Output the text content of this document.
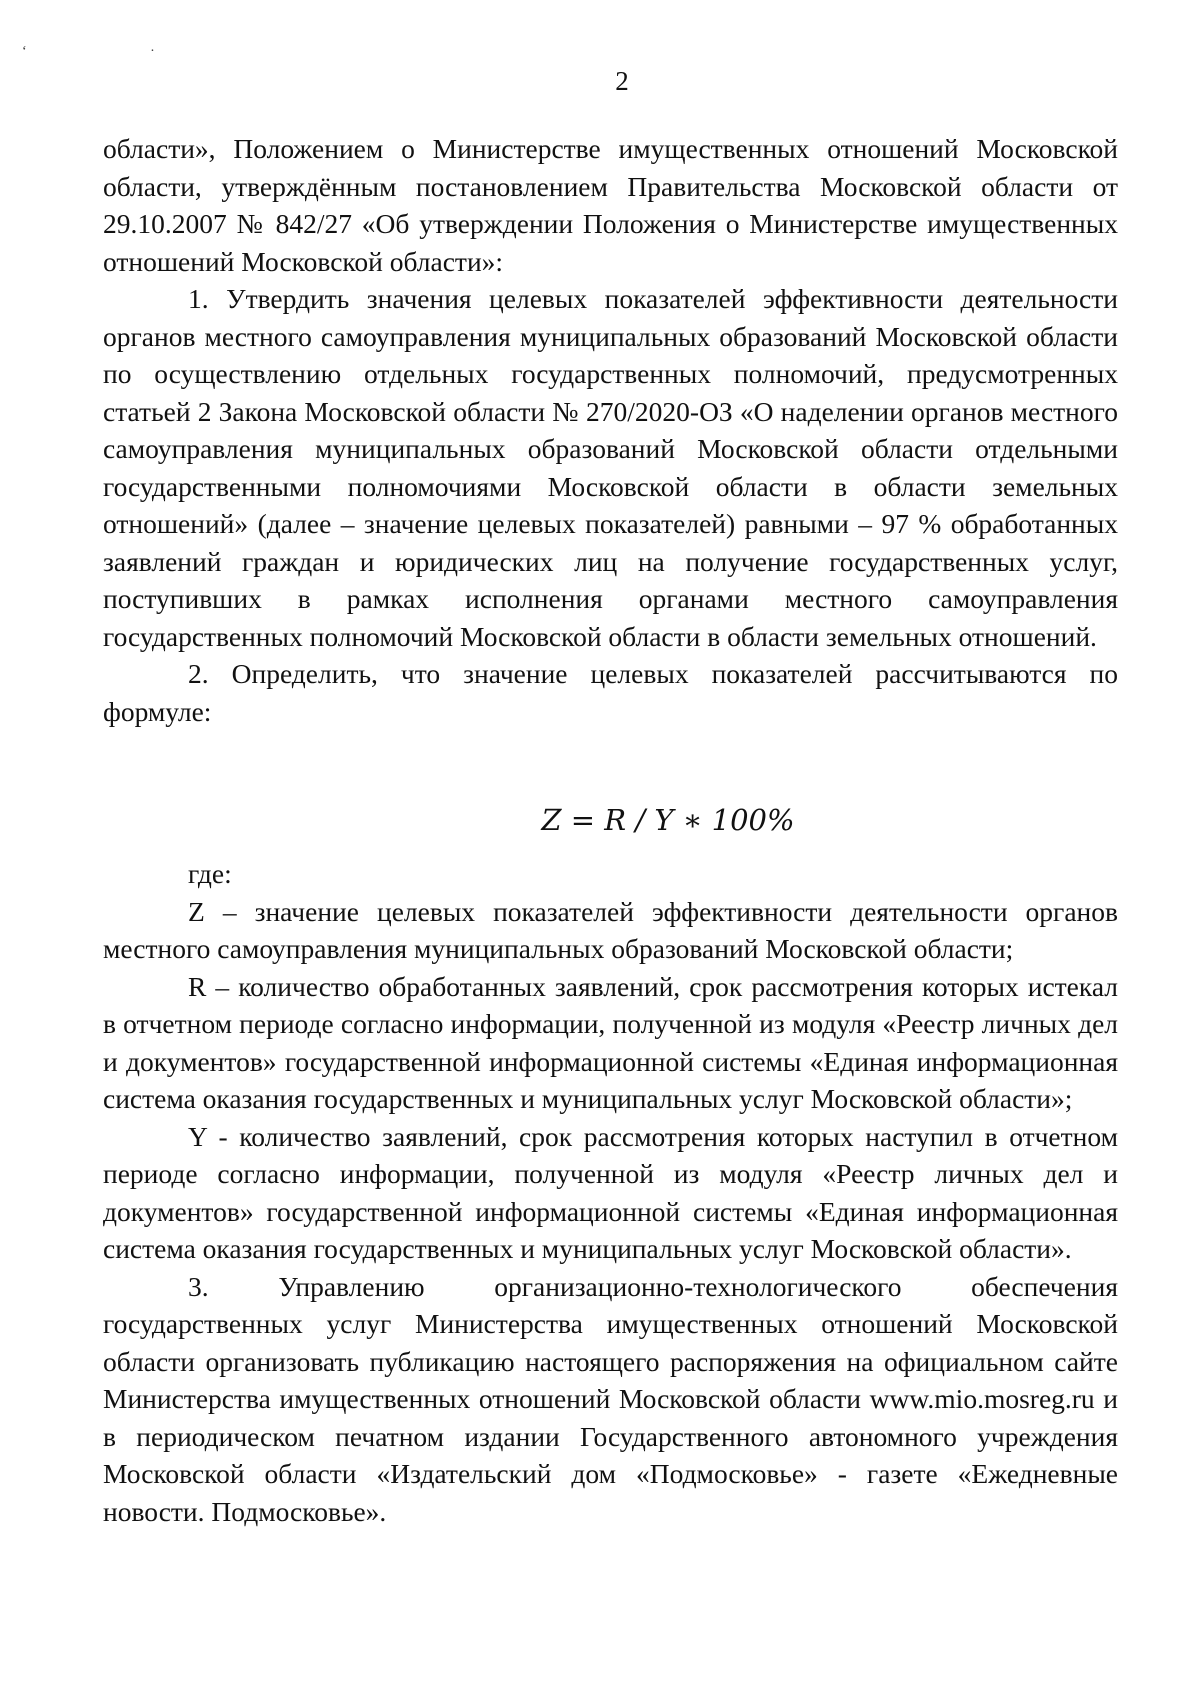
‘ ·
2

области», Положением о Министерстве имущественных отношений Московской области, утверждённым постановлением Правительства Московской области от 29.10.2007 № 842/27 «Об утверждении Положения о Министерстве имущественных отношений Московской области»:

1. Утвердить значения целевых показателей эффективности деятельности органов местного самоуправления муниципальных образований Московской области по осуществлению отдельных государственных полномочий, предусмотренных статьей 2 Закона Московской области № 270/2020-ОЗ «О наделении органов местного самоуправления муниципальных образований Московской области отдельными государственными полномочиями Московской области в области земельных отношений» (далее – значение целевых показателей) равными – 97 % обработанных заявлений граждан и юридических лиц на получение государственных услуг, поступивших в рамках исполнения органами местного самоуправления государственных полномочий Московской области в области земельных отношений.

2. Определить, что значение целевых показателей рассчитываются по формуле:

Z = R / Y ∗ 100%

где:

Z – значение целевых показателей эффективности деятельности органов местного самоуправления муниципальных образований Московской области;

R – количество обработанных заявлений, срок рассмотрения которых истекал в отчетном периоде согласно информации, полученной из модуля «Реестр личных дел и документов» государственной информационной системы «Единая информационная система оказания государственных и муниципальных услуг Московской области»;

Y - количество заявлений, срок рассмотрения которых наступил в отчетном периоде согласно информации, полученной из модуля «Реестр личных дел и документов» государственной информационной системы «Единая информационная система оказания государственных и муниципальных услуг Московской области».

3. Управлению организационно-технологического обеспечения государственных услуг Министерства имущественных отношений Московской области организовать публикацию настоящего распоряжения на официальном сайте Министерства имущественных отношений Московской области www.mio.mosreg.ru и в периодическом печатном издании Государственного автономного учреждения Московской области «Издательский дом «Подмосковье» - газете «Ежедневные новости. Подмосковье».
